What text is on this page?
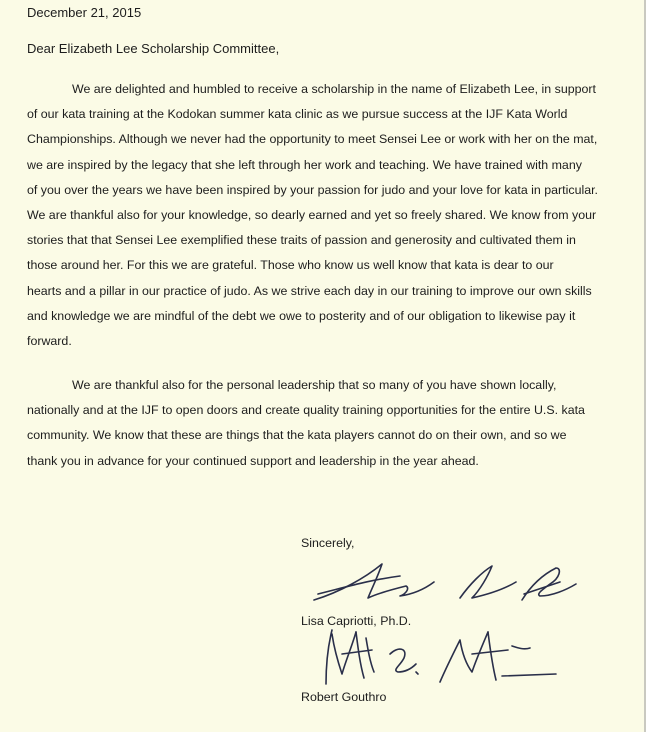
December 21, 2015
Dear Elizabeth Lee Scholarship Committee,
We are delighted and humbled to receive a scholarship in the name of Elizabeth Lee, in support
of our kata training at the Kodokan summer kata clinic as we pursue success at the IJF Kata World
Championships. Although we never had the opportunity to meet Sensei Lee or work with her on the mat,
we are inspired by the legacy that she left through her work and teaching. We have trained with many
of you over the years we have been inspired by your passion for judo and your love for kata in particular.
We are thankful also for your knowledge, so dearly earned and yet so freely shared. We know from your
stories that that Sensei Lee exemplified these traits of passion and generosity and cultivated them in
those around her. For this we are grateful. Those who know us well know that kata is dear to our
hearts and a pillar in our practice of judo. As we strive each day in our training to improve our own skills
and knowledge we are mindful of the debt we owe to posterity and of our obligation to likewise pay it
forward.
We are thankful also for the personal leadership that so many of you have shown locally,
nationally and at the IJF to open doors and create quality training opportunities for the entire U.S. kata
community. We know that these are things that the kata players cannot do on their own, and so we
thank you in advance for your continued support and leadership in the year ahead.
Sincerely,
Lisa Capriotti, Ph.D.
Robert Gouthro
